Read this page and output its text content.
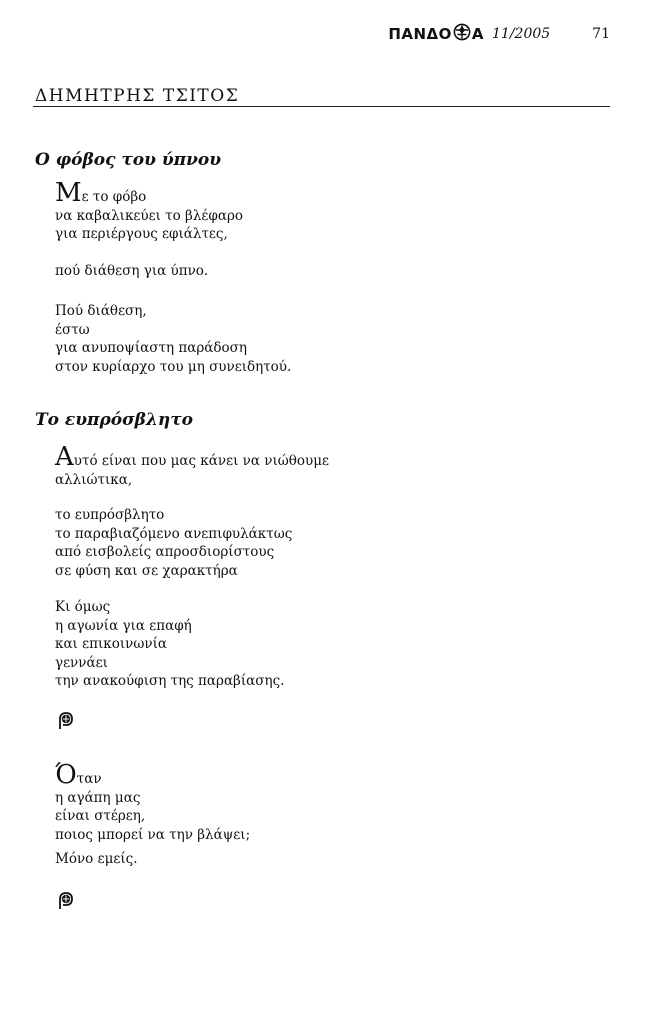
ΠΑΝΔΟ Α 11/2005	71
ΔΗΜΗΤΡΗΣ ΤΣΙΤΟΣ
Ο φόβος του ύπνου
Με το φόβο
να καβαλικεύει το βλέφαρο
για περιέργους εφιάλτες,
πού διάθεση για ύπνο.
Πού διάθεση,
έστω
για ανυποψίαστη παράδοση
στον κυρίαρχο του μη συνειδητού.
Το ευπρόσβλητο
Αυτό είναι που μας κάνει να νιώθουμε
αλλιώτικα,
το ευπρόσβλητο
το παραβιαζόμενο ανεπιφυλάκτως
από εισβολείς απροσδιορίστους
σε φύση και σε χαρακτήρα
Κι όμως
η αγωνία για επαφή
και επικοινωνία
γεννάει
την ανακούφιση της παραβίασης.
Όταν
η αγάπη μας
είναι στέρεη,
ποιος μπορεί να την βλάψει;
Μόνο εμείς.
